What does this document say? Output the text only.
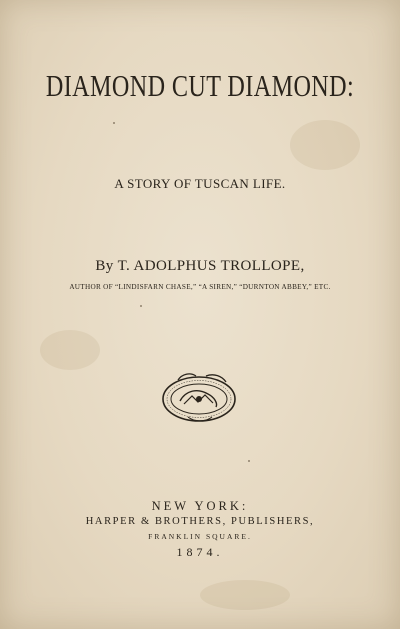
DIAMOND CUT DIAMOND:
A STORY OF TUSCAN LIFE.
By T. ADOLPHUS TROLLOPE,
AUTHOR OF “LINDISFARN CHASE,” “A SIREN,” “DURNTON ABBEY,” ETC.
NEW YORK:
HARPER & BROTHERS, PUBLISHERS,
FRANKLIN SQUARE.
1874.
